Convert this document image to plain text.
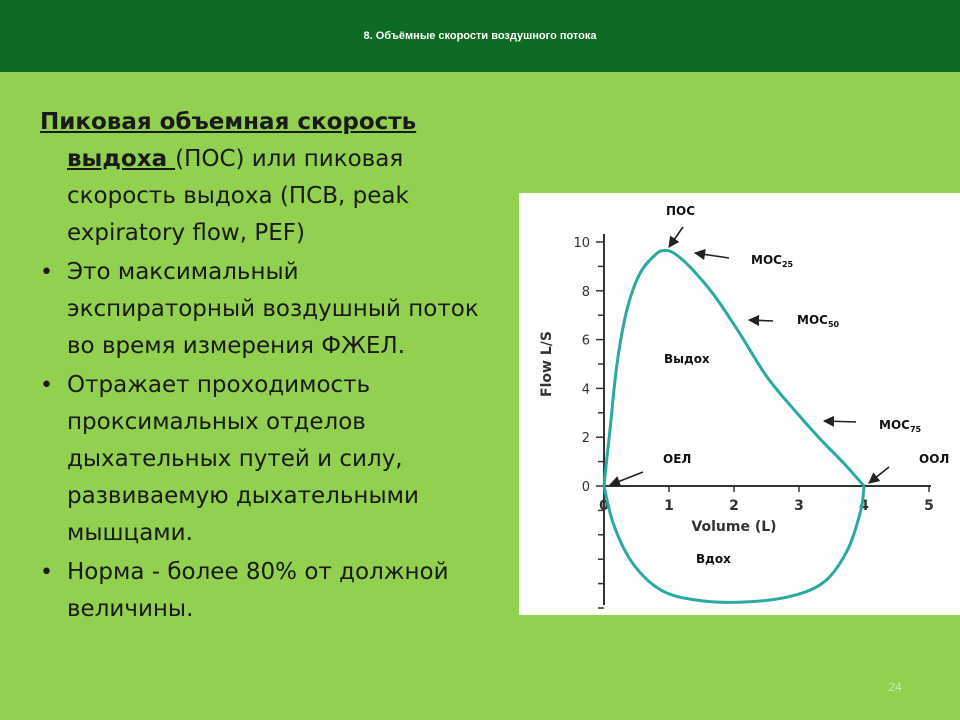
8. Объёмные скорости воздушного потока
Пиковая объемная скорость
выдоха (ПОС) или пиковая
скорость выдоха (ПСВ, peak
expiratory flow, PEF)
• Это максимальный
экспираторный воздушный поток
во время измерения ФЖЕЛ.
• Отражает проходимость
проксимальных отделов
дыхательных путей и силу,
развиваемую дыхательными
мышцами.
• Норма - более 80% от должной
величины.
0
2
4
6
8
10
0	1	2	3	4	5
Volume (L)
Flow L/S
ПОС
$МОС_{25}$
$МОС_{50}$
$МОС_{75}$
Выдох
Вдох
ОЕЛ	ООЛ
24
